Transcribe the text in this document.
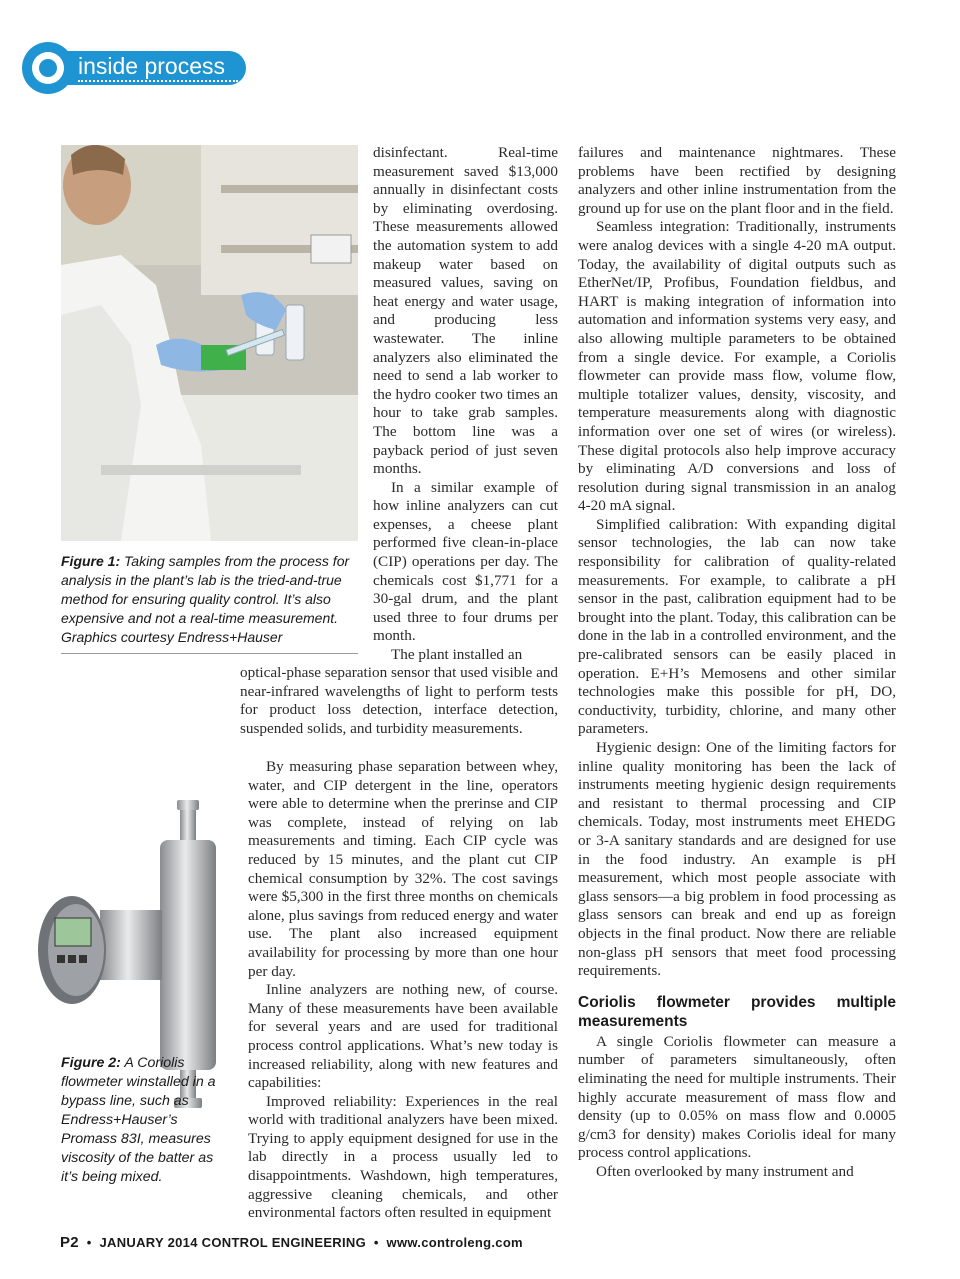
inside process
Figure 1: Taking samples from the process for analysis in the plant’s lab is the tried-and-true method for ensuring quality control. It’s also expensive and not a real-time measurement. Graphics courtesy Endress+Hauser
Figure 2: A Coriolis flowmeter winstalled in a bypass line, such as Endress+Hauser’s Promass 83I, measures viscosity of the batter as it’s being mixed.

disinfectant. Real-time measurement saved $13,000 annually in disinfectant costs by eliminating overdosing. These measurements allowed the automation system to add makeup water based on measured values, saving on heat energy and water usage, and producing less wastewater. The inline analyzers also eliminated the need to send a lab worker to the hydro cooker two times an hour to take grab samples. The bottom line was a payback period of just seven months.

In a similar example of how inline analyzers can cut expenses, a cheese plant performed five clean-in-place (CIP) operations per day. The chemicals cost $1,771 for a 30-gal drum, and the plant used three to four drums per month.

The plant installed an

optical-phase separation sensor that used visible and near-infrared wavelengths of light to perform tests for product loss detection, interface detection, suspended solids, and turbidity measurements.

By measuring phase separation between whey, water, and CIP detergent in the line, operators were able to determine when the prerinse and CIP was complete, instead of relying on lab measurements and timing. Each CIP cycle was reduced by 15 minutes, and the plant cut CIP chemical consumption by 32%. The cost savings were $5,300 in the first three months on chemicals alone, plus savings from reduced energy and water use. The plant also increased equipment availability for processing by more than one hour per day.

Inline analyzers are nothing new, of course. Many of these measurements have been available for several years and are used for traditional process control applications. What’s new today is increased reliability, along with new features and capabilities:

Improved reliability: Experiences in the real world with traditional analyzers have been mixed. Trying to apply equipment designed for use in the lab directly in a process usually led to disappointments. Washdown, high temperatures, aggressive cleaning chemicals, and other environmental factors often resulted in equipment

failures and maintenance nightmares. These problems have been rectified by designing analyzers and other inline instrumentation from the ground up for use on the plant floor and in the field.

Seamless integration: Traditionally, instruments were analog devices with a single 4-20 mA output. Today, the availability of digital outputs such as EtherNet/IP, Profibus, Foundation fieldbus, and HART is making integration of information into automation and information systems very easy, and also allowing multiple parameters to be obtained from a single device. For example, a Coriolis flowmeter can provide mass flow, volume flow, multiple totalizer values, density, viscosity, and temperature measurements along with diagnostic information over one set of wires (or wireless). These digital protocols also help improve accuracy by eliminating A/D conversions and loss of resolution during signal transmission in an analog 4-20 mA signal.

Simplified calibration: With expanding digital sensor technologies, the lab can now take responsibility for calibration of quality-related measurements. For example, to calibrate a pH sensor in the past, calibration equipment had to be brought into the plant. Today, this calibration can be done in the lab in a controlled environment, and the pre-calibrated sensors can be easily placed in operation. E+H’s Memosens and other similar technologies make this possible for pH, DO, conductivity, turbidity, chlorine, and many other parameters.

Hygienic design: One of the limiting factors for inline quality monitoring has been the lack of instruments meeting hygienic design requirements and resistant to thermal processing and CIP chemicals. Today, most instruments meet EHEDG or 3-A sanitary standards and are designed for use in the food industry. An example is pH measurement, which most people associate with glass sensors—a big problem in food processing as glass sensors can break and end up as foreign objects in the final product. Now there are reliable non-glass pH sensors that meet food processing requirements.

Coriolis flowmeter provides multiple measurements

A single Coriolis flowmeter can measure a number of parameters simultaneously, often eliminating the need for multiple instruments. Their highly accurate measurement of mass flow and density (up to 0.05% on mass flow and 0.0005 g/cm3 for density) makes Coriolis ideal for many process control applications.

Often overlooked by many instrument and

P2  •  JANUARY 2014 CONTROL ENGINEERING  •  www.controleng.com
